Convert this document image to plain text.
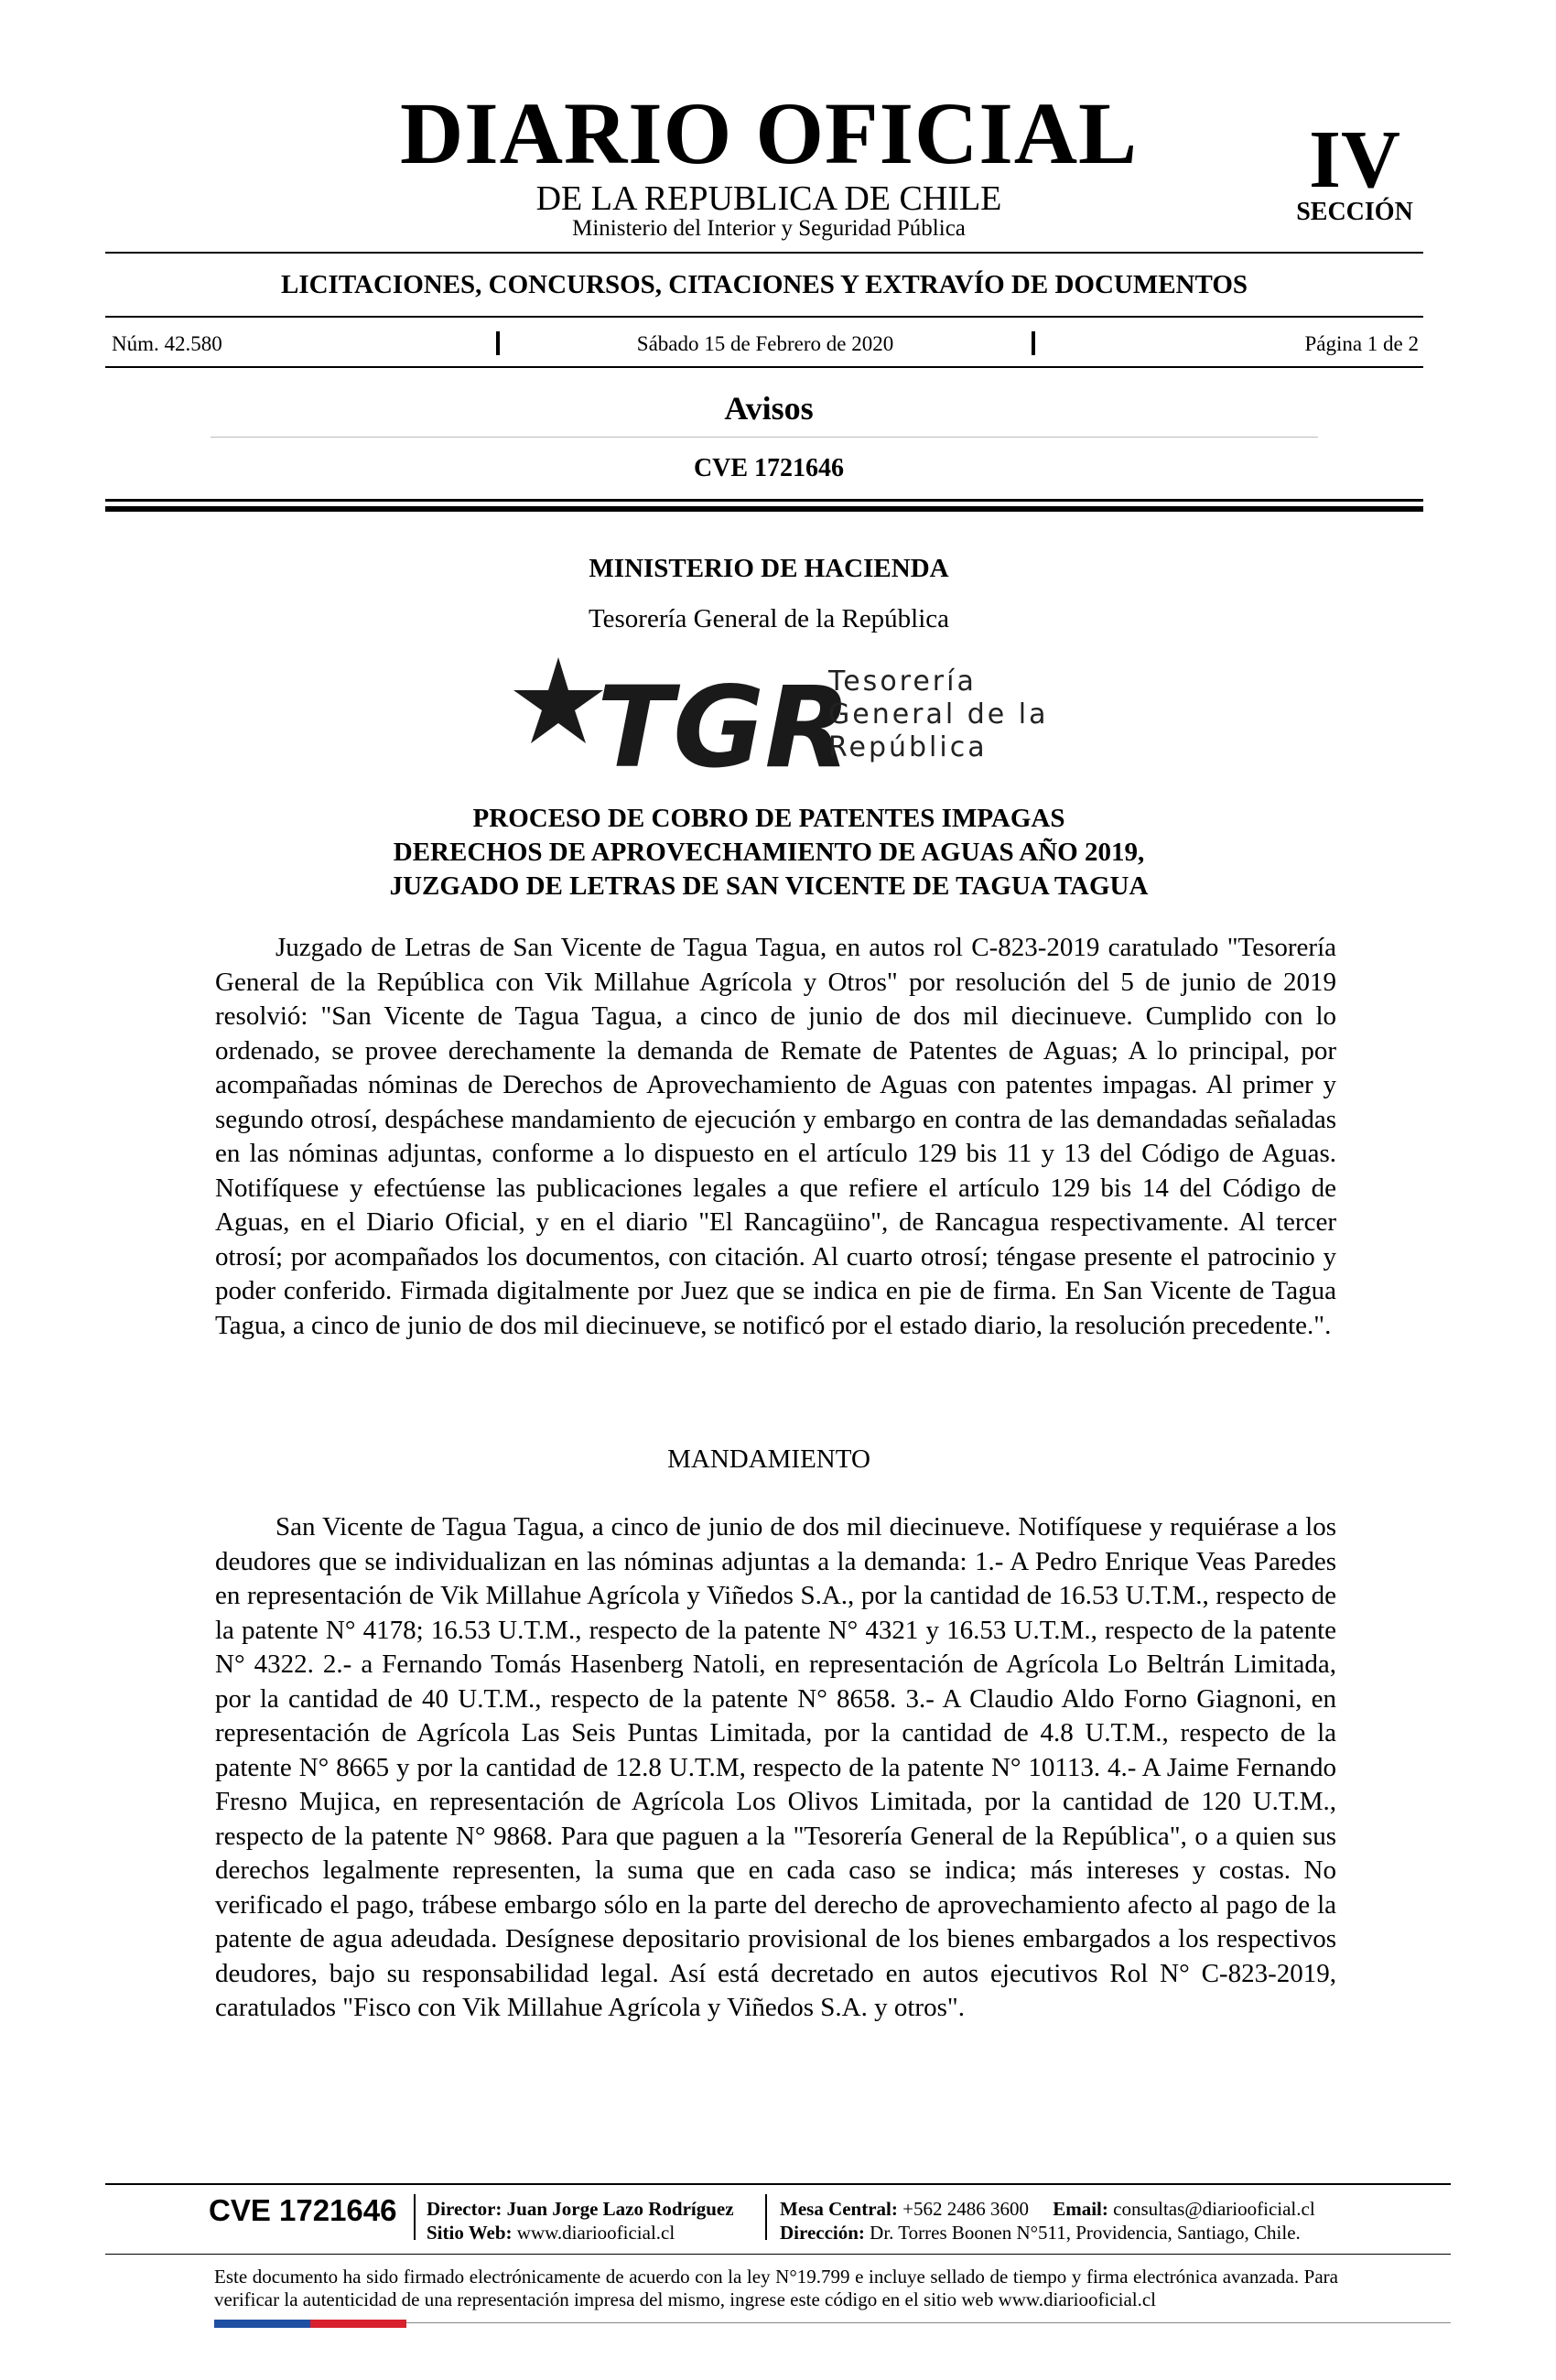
DIARIO OFICIAL
DE LA REPUBLICA DE CHILE
Ministerio del Interior y Seguridad Pública
IV
SECCIÓN
LICITACIONES, CONCURSOS, CITACIONES Y EXTRAVÍO DE DOCUMENTOS
Núm. 42.580	Sábado 15 de Febrero de 2020	Página 1 de 2
Avisos
CVE 1721646
MINISTERIO DE HACIENDA
Tesorería General de la República
TGR
Tesorería
General de la
República
PROCESO DE COBRO DE PATENTES IMPAGAS
DERECHOS DE APROVECHAMIENTO DE AGUAS AÑO 2019,
JUZGADO DE LETRAS DE SAN VICENTE DE TAGUA TAGUA

Juzgado de Letras de San Vicente de Tagua Tagua, en autos rol C-823-2019 caratulado "Tesorería General de la República con Vik Millahue Agrícola y Otros" por resolución del 5 de junio de 2019 resolvió: "San Vicente de Tagua Tagua, a cinco de junio de dos mil diecinueve. Cumplido con lo ordenado, se provee derechamente la demanda de Remate de Patentes de Aguas; A lo principal, por acompañadas nóminas de Derechos de Aprovechamiento de Aguas con patentes impagas. Al primer y segundo otrosí, despáchese mandamiento de ejecución y embargo en contra de las demandadas señaladas en las nóminas adjuntas, conforme a lo dispuesto en el artículo 129 bis 11 y 13 del Código de Aguas. Notifíquese y efectúense las publicaciones legales a que refiere el artículo 129 bis 14 del Código de Aguas, en el Diario Oficial, y en el diario "El Rancagüino", de Rancagua respectivamente. Al tercer otrosí; por acompañados los documentos, con citación. Al cuarto otrosí; téngase presente el patrocinio y poder conferido. Firmada digitalmente por Juez que se indica en pie de firma. En San Vicente de Tagua Tagua, a cinco de junio de dos mil diecinueve, se notificó por el estado diario, la resolución precedente.".

MANDAMIENTO

San Vicente de Tagua Tagua, a cinco de junio de dos mil diecinueve. Notifíquese y requiérase a los deudores que se individualizan en las nóminas adjuntas a la demanda: 1.- A Pedro Enrique Veas Paredes en representación de Vik Millahue Agrícola y Viñedos S.A., por la cantidad de 16.53 U.T.M., respecto de la patente N° 4178; 16.53 U.T.M., respecto de la patente N° 4321 y 16.53 U.T.M., respecto de la patente N° 4322. 2.- a Fernando Tomás Hasenberg Natoli, en representación de Agrícola Lo Beltrán Limitada, por la cantidad de 40 U.T.M., respecto de la patente N° 8658. 3.- A Claudio Aldo Forno Giagnoni, en representación de Agrícola Las Seis Puntas Limitada, por la cantidad de 4.8 U.T.M., respecto de la patente N° 8665 y por la cantidad de 12.8 U.T.M, respecto de la patente N° 10113. 4.- A Jaime Fernando Fresno Mujica, en representación de Agrícola Los Olivos Limitada, por la cantidad de 120 U.T.M., respecto de la patente N° 9868. Para que paguen a la "Tesorería General de la República", o a quien sus derechos legalmente representen, la suma que en cada caso se indica; más intereses y costas. No verificado el pago, trábese embargo sólo en la parte del derecho de aprovechamiento afecto al pago de la patente de agua adeudada. Desígnese depositario provisional de los bienes embargados a los respectivos deudores, bajo su responsabilidad legal. Así está decretado en autos ejecutivos Rol N° C-823-2019, caratulados "Fisco con Vik Millahue Agrícola y Viñedos S.A. y otros".

CVE 1721646 Director: Juan Jorge Lazo Rodríguez
Sitio Web: www.diariooficial.cl
Mesa Central: +562 2486 3600 Email: consultas@diariooficial.cl
Dirección: Dr. Torres Boonen N°511, Providencia, Santiago, Chile.
Este documento ha sido firmado electrónicamente de acuerdo con la ley N°19.799 e incluye sellado de tiempo y firma electrónica avanzada. Para verificar la autenticidad de una representación impresa del mismo, ingrese este código en el sitio web www.diariooficial.cl
